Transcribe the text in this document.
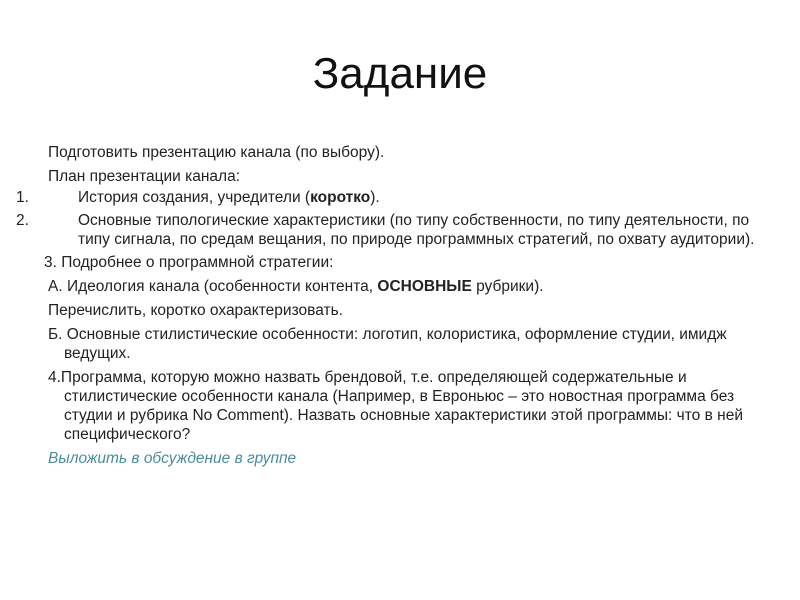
Задание
Подготовить презентацию канала (по выбору).
План презентации канала:
1.	История создания, учредители (коротко).
2.	Основные типологические характеристики (по типу собственности, по типу деятельности, по типу сигнала, по средам вещания, по природе программных стратегий, по охвату аудитории).
3. Подробнее о программной стратегии:
А. Идеология канала (особенности контента, ОСНОВНЫЕ рубрики).
Перечислить, коротко охарактеризовать.
Б. Основные стилистические особенности: логотип, колористика, оформление студии, имидж ведущих.
4.Программа, которую можно назвать брендовой, т.е. определяющей содержательные и стилистические особенности канала (Например, в Евроньюс – это новостная программа без студии и рубрика No Comment). Назвать основные характеристики этой программы: что в ней специфического?
Выложить в обсуждение в группе
